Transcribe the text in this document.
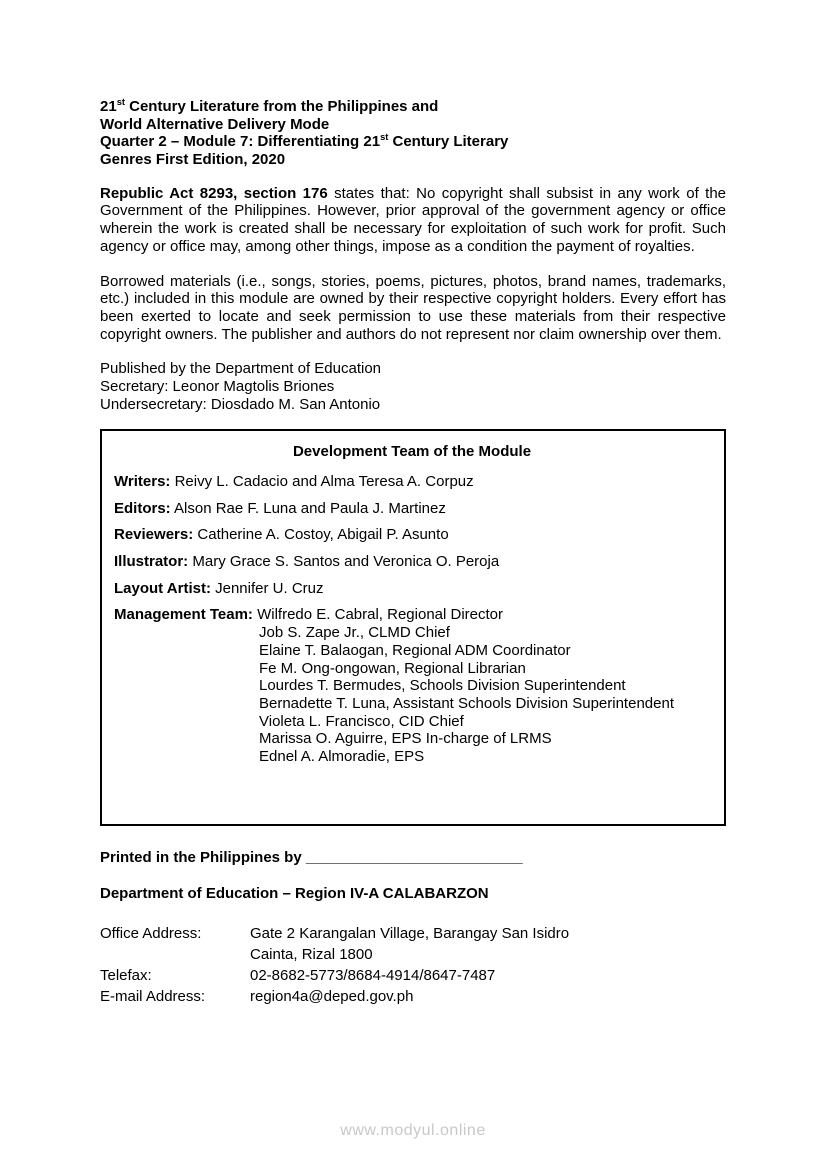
21st Century Literature from the Philippines and
World Alternative Delivery Mode
Quarter 2 – Module 7: Differentiating 21st Century Literary
Genres First Edition, 2020
Republic Act 8293, section 176 states that: No copyright shall subsist in any work of the Government of the Philippines. However, prior approval of the government agency or office wherein the work is created shall be necessary for exploitation of such work for profit. Such agency or office may, among other things, impose as a condition the payment of royalties.
Borrowed materials (i.e., songs, stories, poems, pictures, photos, brand names, trademarks, etc.) included in this module are owned by their respective copyright holders. Every effort has been exerted to locate and seek permission to use these materials from their respective copyright owners. The publisher and authors do not represent nor claim ownership over them.
Published by the Department of Education
Secretary: Leonor Magtolis Briones
Undersecretary: Diosdado M. San Antonio
Development Team of the Module
Writers: Reivy L. Cadacio and Alma Teresa A. Corpuz
Editors: Alson Rae F. Luna and Paula J. Martinez
Reviewers: Catherine A. Costoy, Abigail P. Asunto
Illustrator: Mary Grace S. Santos and Veronica O. Peroja
Layout Artist: Jennifer U. Cruz
Management Team: Wilfredo E. Cabral, Regional Director
Job S. Zape Jr., CLMD Chief
Elaine T. Balaogan, Regional ADM Coordinator
Fe M. Ong-ongowan, Regional Librarian
Lourdes T. Bermudes, Schools Division Superintendent
Bernadette T. Luna, Assistant Schools Division Superintendent
Violeta L. Francisco, CID Chief
Marissa O. Aguirre, EPS In-charge of LRMS
Ednel A. Almoradie, EPS
Printed in the Philippines by __________________________
Department of Education – Region IV-A CALABARZON
Office Address:	Gate 2 Karangalan Village, Barangay San Isidro
Cainta, Rizal 1800
Telefax:	02-8682-5773/8684-4914/8647-7487
E-mail Address:	region4a@deped.gov.ph
www.modyul.online
